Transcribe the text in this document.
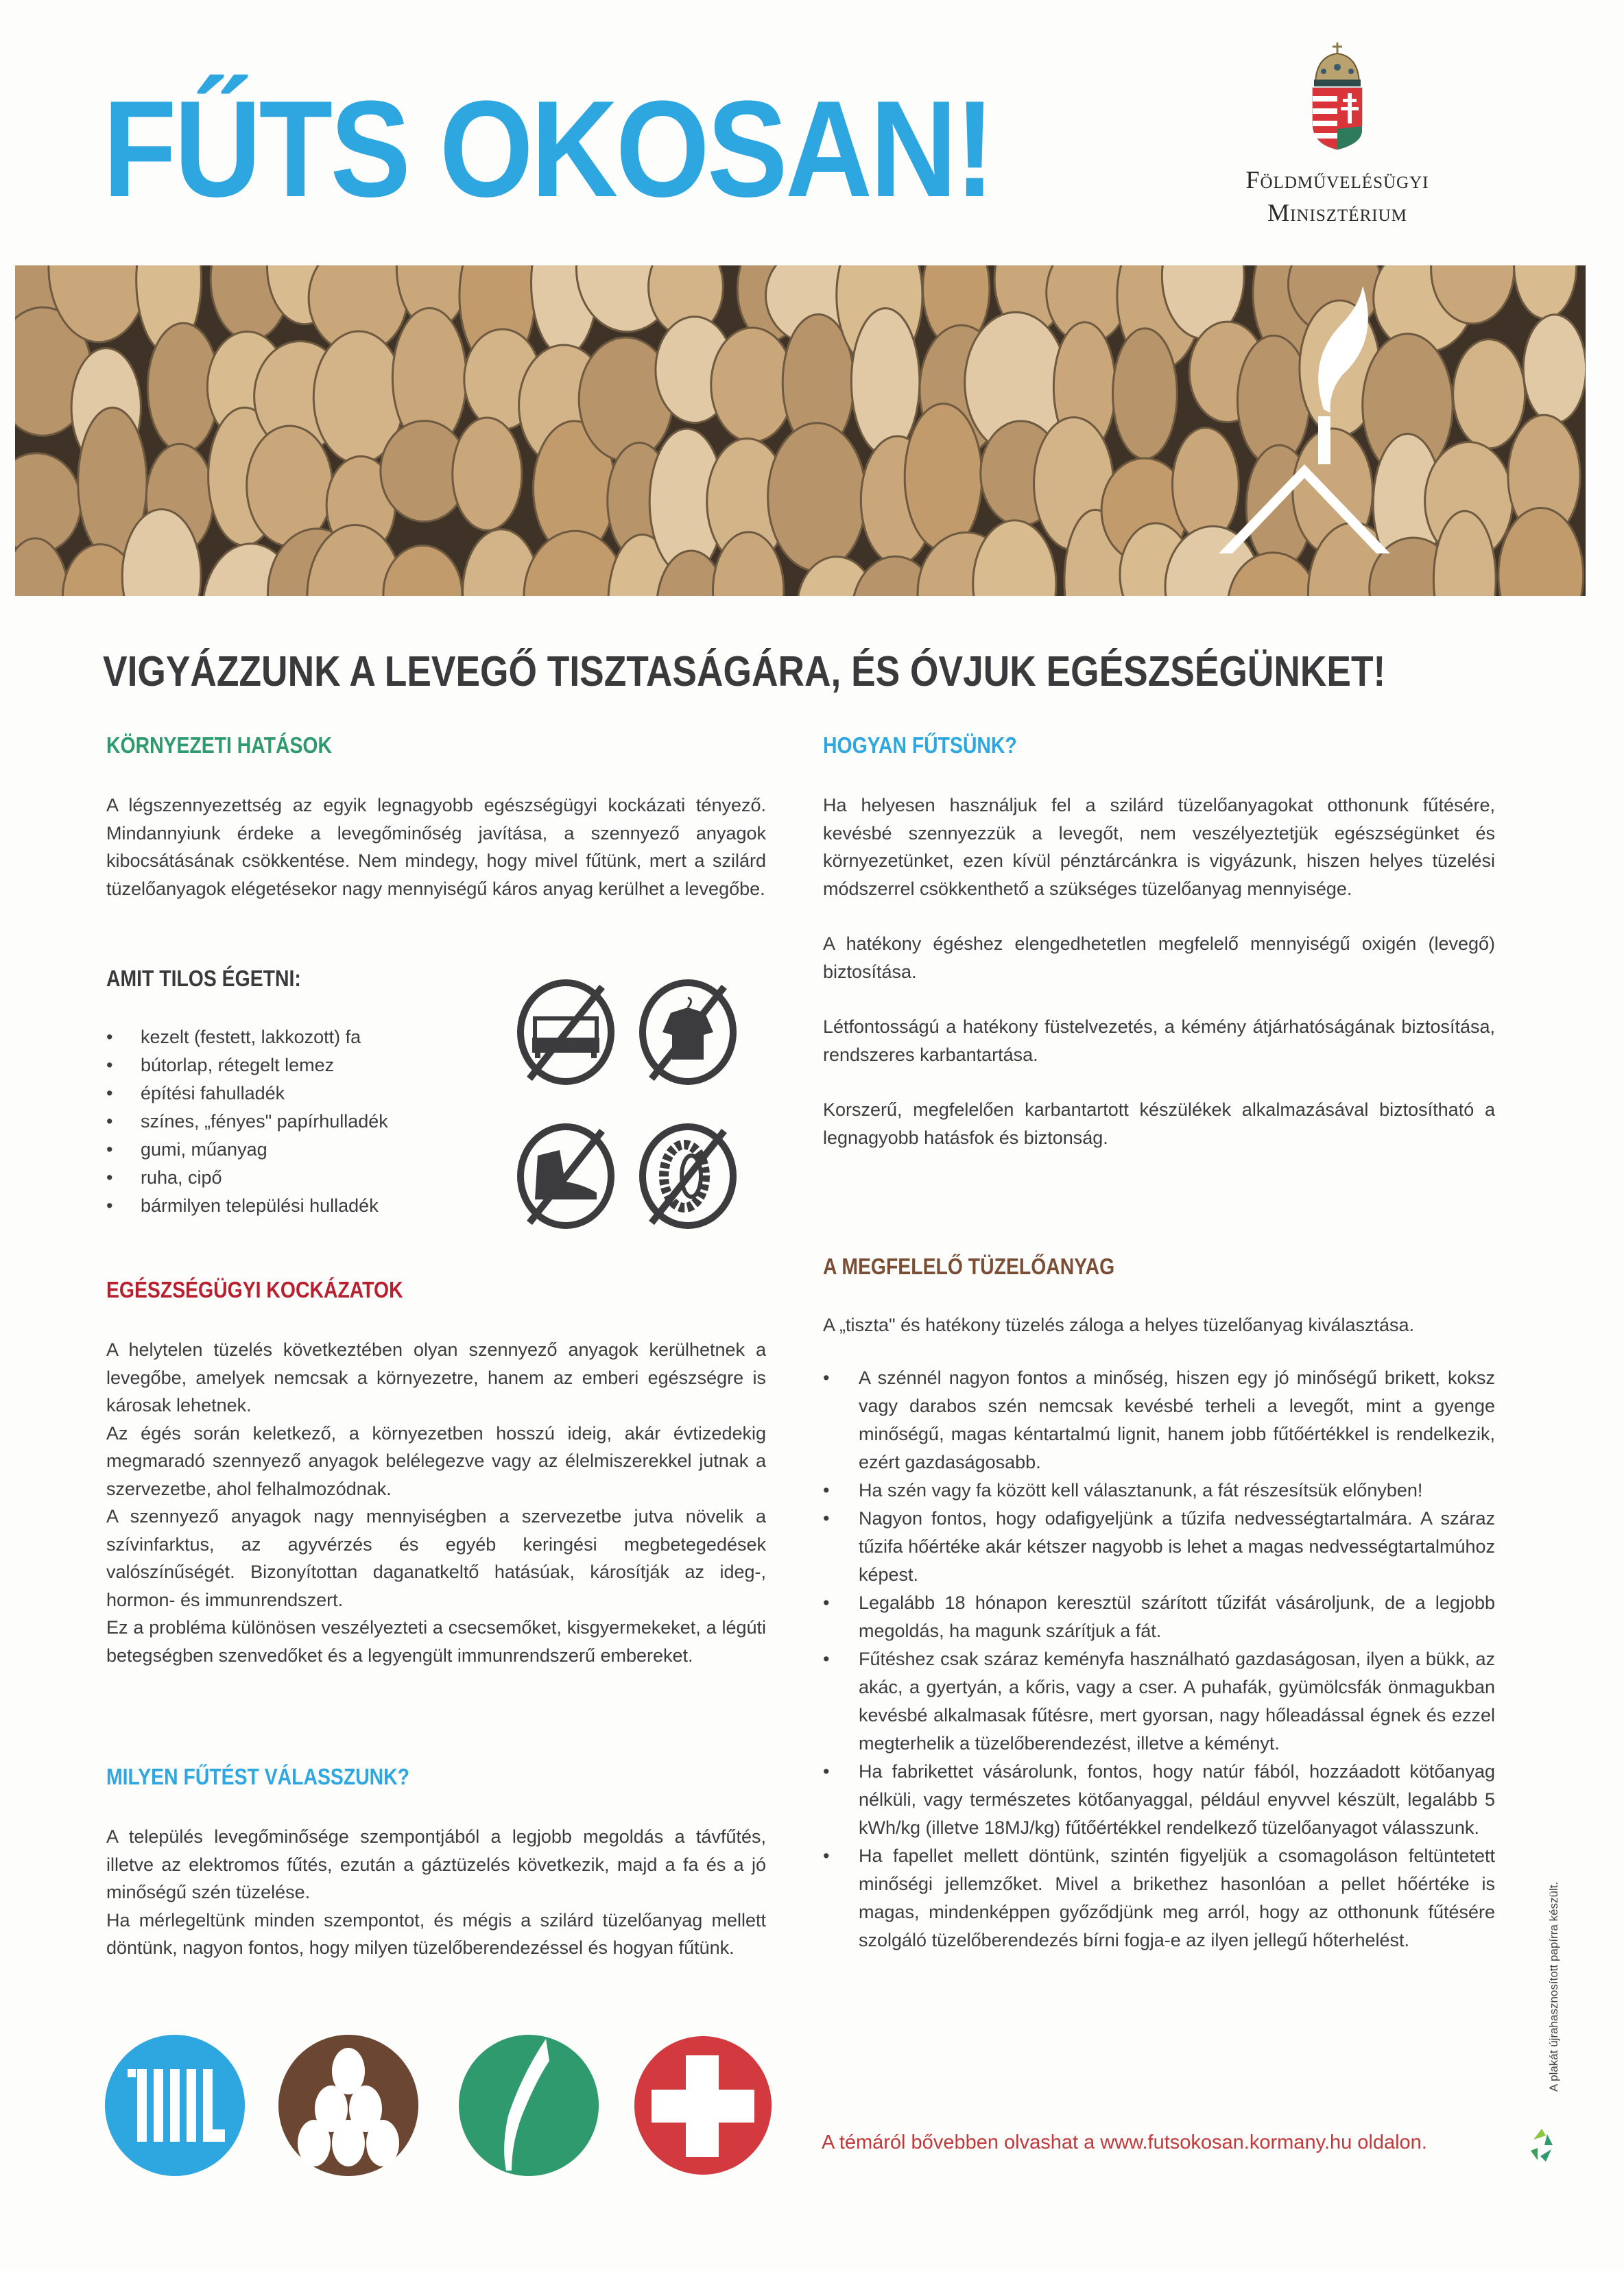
FŰTS OKOSAN!	Földművelésügyi
Minisztérium
VIGYÁZZUNK A LEVEGŐ TISZTASÁGÁRA, ÉS ÓVJUK EGÉSZSÉGÜNKET!
KÖRNYEZETI HATÁSOK

A légszennyezettség az egyik legnagyobb egészségügyi kockázati tényező. Mindannyiunk érdeke a levegőminőség javítása, a szennyező anyagok kibocsátásának csökkentése. Nem mindegy, hogy mivel fűtünk, mert a szilárd tüzelőanyagok elégetésekor nagy mennyiségű káros anyag kerülhet a levegőbe.

AMIT TILOS ÉGETNI:
• kezelt (festett, lakkozott) fa
• bútorlap, rétegelt lemez
• építési fahulladék
• színes, „fényes" papírhulladék
• gumi, műanyag
• ruha, cipő
• bármilyen települési hulladék
EGÉSZSÉGÜGYI KOCKÁZATOK

A helytelen tüzelés következtében olyan szennyező anyagok kerülhetnek a levegőbe, amelyek nemcsak a környezetre, hanem az emberi egészségre is károsak lehetnek.

Az égés során keletkező, a környezetben hosszú ideig, akár évtizedekig megmaradó szennyező anyagok belélegezve vagy az élelmiszerekkel jutnak a szervezetbe, ahol felhalmozódnak.

A szennyező anyagok nagy mennyiségben a szervezetbe jutva növelik a szívinfarktus, az agyvérzés és egyéb keringési megbetegedések valószínűségét. Bizonyítottan daganatkeltő hatásúak, károsítják az ideg-, hormon- és immunrendszert.

Ez a probléma különösen veszélyezteti a csecsemőket, kisgyermekeket, a légúti betegségben szenvedőket és a legyengült immunrendszerű embereket.

MILYEN FŰTÉST VÁLASSZUNK?

A település levegőminősége szempontjából a legjobb megoldás a távfűtés, illetve az elektromos fűtés, ezután a gáztüzelés következik, majd a fa és a jó minőségű szén tüzelése.

Ha mérlegeltünk minden szempontot, és mégis a szilárd tüzelőanyag mellett döntünk, nagyon fontos, hogy milyen tüzelőberendezéssel és hogyan fűtünk.

HOGYAN FŰTSÜNK?

Ha helyesen használjuk fel a szilárd tüzelőanyagokat otthonunk fűtésére, kevésbé szennyezzük a levegőt, nem veszélyeztetjük egészségünket és környezetünket, ezen kívül pénztárcánkra is vigyázunk, hiszen helyes tüzelési módszerrel csökkenthető a szükséges tüzelőanyag mennyisége.

A hatékony égéshez elengedhetetlen megfelelő mennyiségű oxigén (levegő) biztosítása.

Létfontosságú a hatékony füstelvezetés, a kémény átjárhatóságának biztosítása, rendszeres karbantartása.

Korszerű, megfelelően karbantartott készülékek alkalmazásával biztosítható a legnagyobb hatásfok és biztonság.

A MEGFELELŐ TÜZELŐANYAG

A „tiszta" és hatékony tüzelés záloga a helyes tüzelőanyag kiválasztása.

• A szénnél nagyon fontos a minőség, hiszen egy jó minőségű brikett, koksz vagy darabos szén nemcsak kevésbé terheli a levegőt, mint a gyenge minőségű, magas kéntartalmú lignit, hanem jobb fűtőértékkel is rendelkezik, ezért gazdaságosabb.
• Ha szén vagy fa között kell választanunk, a fát részesítsük előnyben!
• Nagyon fontos, hogy odafigyeljünk a tűzifa nedvességtartalmára. A száraz tűzifa hőértéke akár kétszer nagyobb is lehet a magas nedvességtartalmúhoz képest.
• Legalább 18 hónapon keresztül szárított tűzifát vásároljunk, de a legjobb megoldás, ha magunk szárítjuk a fát.
• Fűtéshez csak száraz keményfa használható gazdaságosan, ilyen a bükk, az akác, a gyertyán, a kőris, vagy a cser. A puhafák, gyümölcsfák önmagukban kevésbé alkalmasak fűtésre, mert gyorsan, nagy hőleadással égnek és ezzel megterhelik a tüzelőberendezést, illetve a kéményt.
• Ha fabrikettet vásárolunk, fontos, hogy natúr fából, hozzáadott kötőanyag nélküli, vagy természetes kötőanyaggal, például enyvvel készült, legalább 5 kWh/kg (illetve 18MJ/kg) fűtőértékkel rendelkező tüzelőanyagot válasszunk.
• Ha fapellet mellett döntünk, szintén figyeljük a csomagoláson feltüntetett minőségi jellemzőket. Mivel a brikethez hasonlóan a pellet hőértéke is magas, mindenképpen győződjünk meg arról, hogy az otthonunk fűtésére szolgáló tüzelőberendezés bírni fogja-e az ilyen jellegű hőterhelést.
A témáról bővebben olvashat a www.futsokosan.kormany.hu oldalon.
A plakát újrahasznosított papírra készült.
